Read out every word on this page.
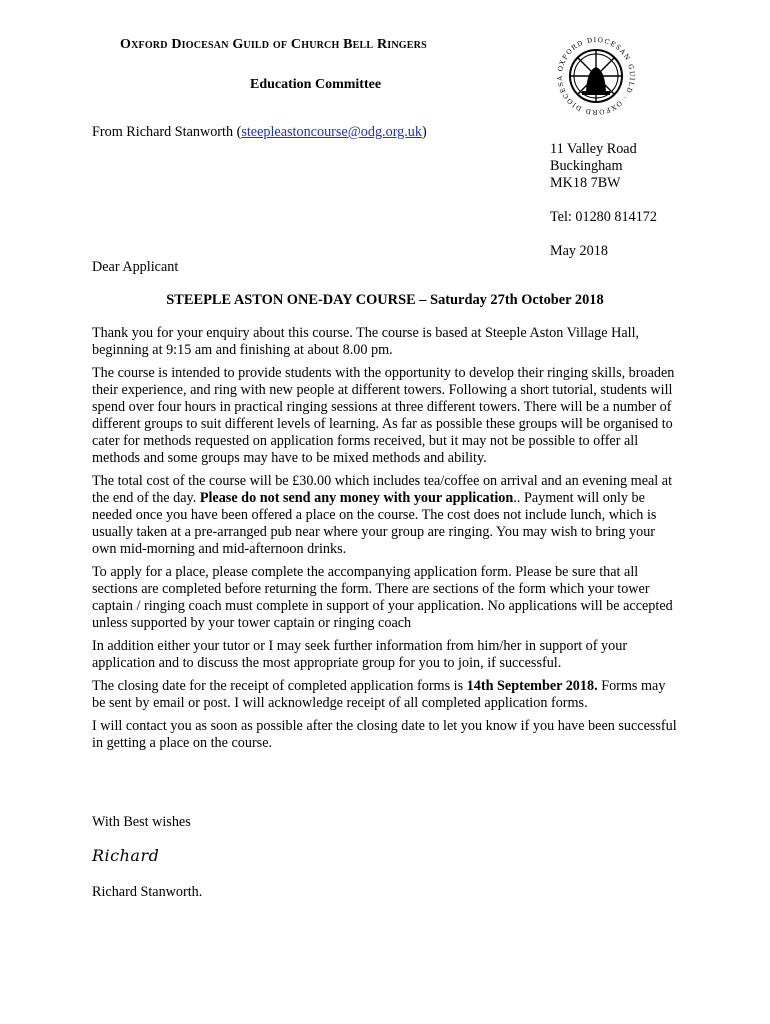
Oxford Diocesan Guild of Church Bell Ringers
Education Committee
OXFORD DIOCESAN GUILD · OXFORD DIOCESA
From Richard Stanworth (steepleastoncourse@odg.org.uk)
11 Valley Road
Buckingham
MK18 7BW
Tel: 01280 814172
May 2018
Dear Applicant
STEEPLE ASTON ONE-DAY COURSE – Saturday 27th October 2018

Thank you for your enquiry about this course. The course is based at Steeple Aston Village Hall, beginning at 9:15 am and finishing at about 8.00 pm.

The course is intended to provide students with the opportunity to develop their ringing skills, broaden their experience, and ring with new people at different towers. Following a short tutorial, students will spend over four hours in practical ringing sessions at three different towers. There will be a number of different groups to suit different levels of learning. As far as possible these groups will be organised to cater for methods requested on application forms received, but it may not be possible to offer all methods and some groups may have to be mixed methods and ability.

The total cost of the course will be £30.00 which includes tea/coffee on arrival and an evening meal at the end of the day. Please do not send any money with your application.. Payment will only be needed once you have been offered a place on the course. The cost does not include lunch, which is usually taken at a pre-arranged pub near where your group are ringing. You may wish to bring your own mid-morning and mid-afternoon drinks.

To apply for a place, please complete the accompanying application form. Please be sure that all sections are completed before returning the form. There are sections of the form which your tower captain / ringing coach must complete in support of your application. No applications will be accepted unless supported by your tower captain or ringing coach

In addition either your tutor or I may seek further information from him/her in support of your application and to discuss the most appropriate group for you to join, if successful.

The closing date for the receipt of completed application forms is 14th September 2018. Forms may be sent by email or post. I will acknowledge receipt of all completed application forms.

I will contact you as soon as possible after the closing date to let you know if you have been successful in getting a place on the course.

With Best wishes
Richard
Richard Stanworth.
